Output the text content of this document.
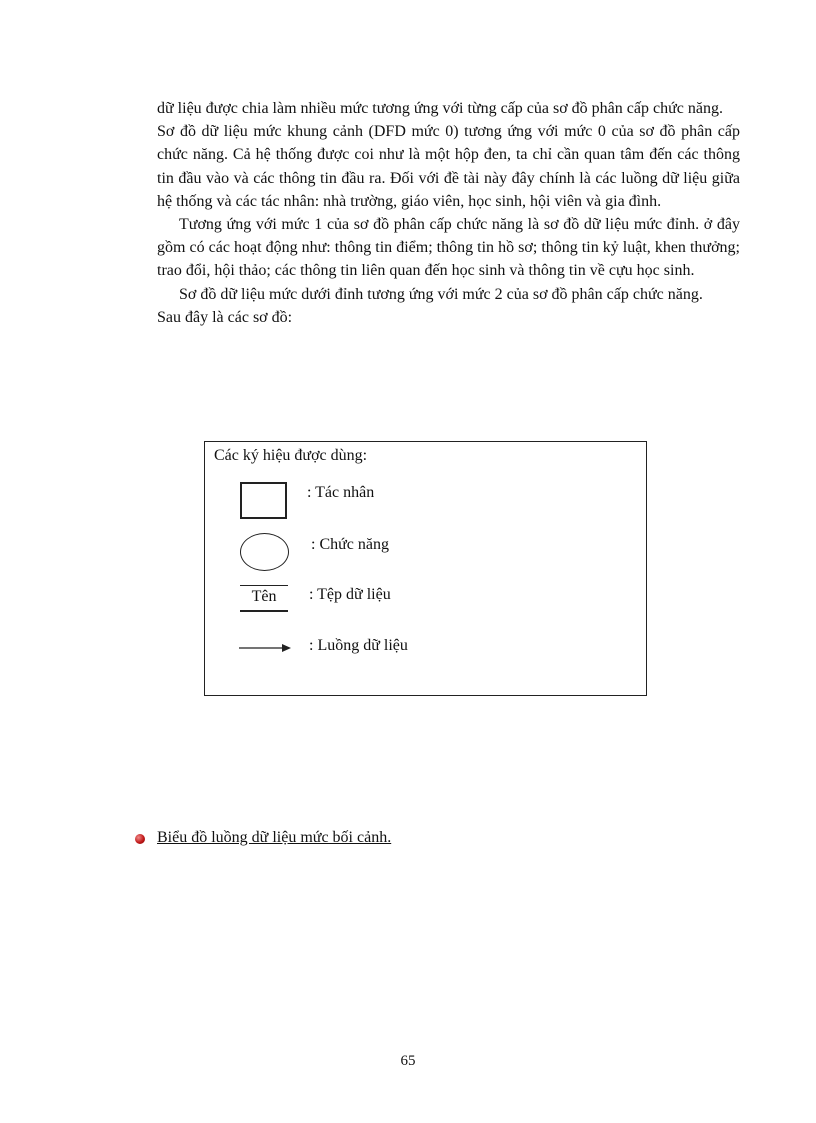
dữ liệu được chia làm nhiều mức tương ứng với từng cấp của sơ đồ phân cấp chức năng.

Sơ đồ dữ liệu mức khung cảnh (DFD mức 0) tương ứng với mức 0 của sơ đồ phân cấp chức năng. Cả hệ thống được coi như là một hộp đen, ta chỉ cần quan tâm đến các thông tin đầu vào và các thông tin đầu ra. Đối với đề tài này đây chính là các luồng dữ liệu giữa hệ thống và các tác nhân: nhà trường, giáo viên, học sinh, hội viên và gia đình.

Tương ứng với mức 1 của sơ đồ phân cấp chức năng là sơ đồ dữ liệu mức đỉnh. ở đây gồm có các hoạt động như: thông tin điểm; thông tin hồ sơ; thông tin kỷ luật, khen thưởng; trao đổi, hội thảo; các thông tin liên quan đến học sinh và thông tin về cựu học sinh.

Sơ đồ dữ liệu mức dưới đỉnh tương ứng với mức 2 của sơ đồ phân cấp chức năng.

Sau đây là các sơ đồ:

Các ký hiệu được dùng:
: Tác nhân
: Chức năng
Tên	: Tệp dữ liệu
: Luồng dữ liệu
Biểu đồ luồng dữ liệu mức bối cảnh.
65
